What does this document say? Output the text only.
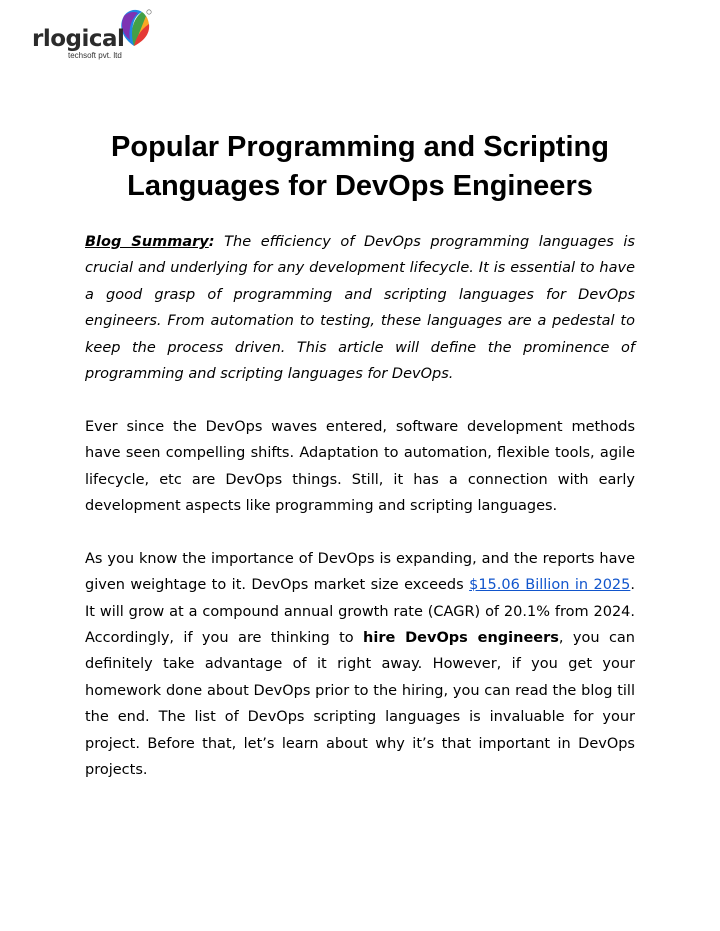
rlogical
techsoft pvt. ltd
Popular Programming and Scripting Languages for DevOps Engineers

Blog Summary: The efficiency of DevOps programming languages is crucial and underlying for any development lifecycle. It is essential to have a good grasp of programming and scripting languages for DevOps engineers. From automation to testing, these languages are a pedestal to keep the process driven. This article will define the prominence of programming and scripting languages for DevOps.

Ever since the DevOps waves entered, software development methods have seen compelling shifts. Adaptation to automation, flexible tools, agile lifecycle, etc are DevOps things. Still, it has a connection with early development aspects like programming and scripting languages.

As you know the importance of DevOps is expanding, and the reports have given weightage to it. DevOps market size exceeds $15.06 Billion in 2025. It will grow at a compound annual growth rate (CAGR) of 20.1% from 2024. Accordingly, if you are thinking to hire DevOps engineers, you can definitely take advantage of it right away. However, if you get your homework done about DevOps prior to the hiring, you can read the blog till the end. The list of DevOps scripting languages is invaluable for your project. Before that, let’s learn about why it’s that important in DevOps projects.
